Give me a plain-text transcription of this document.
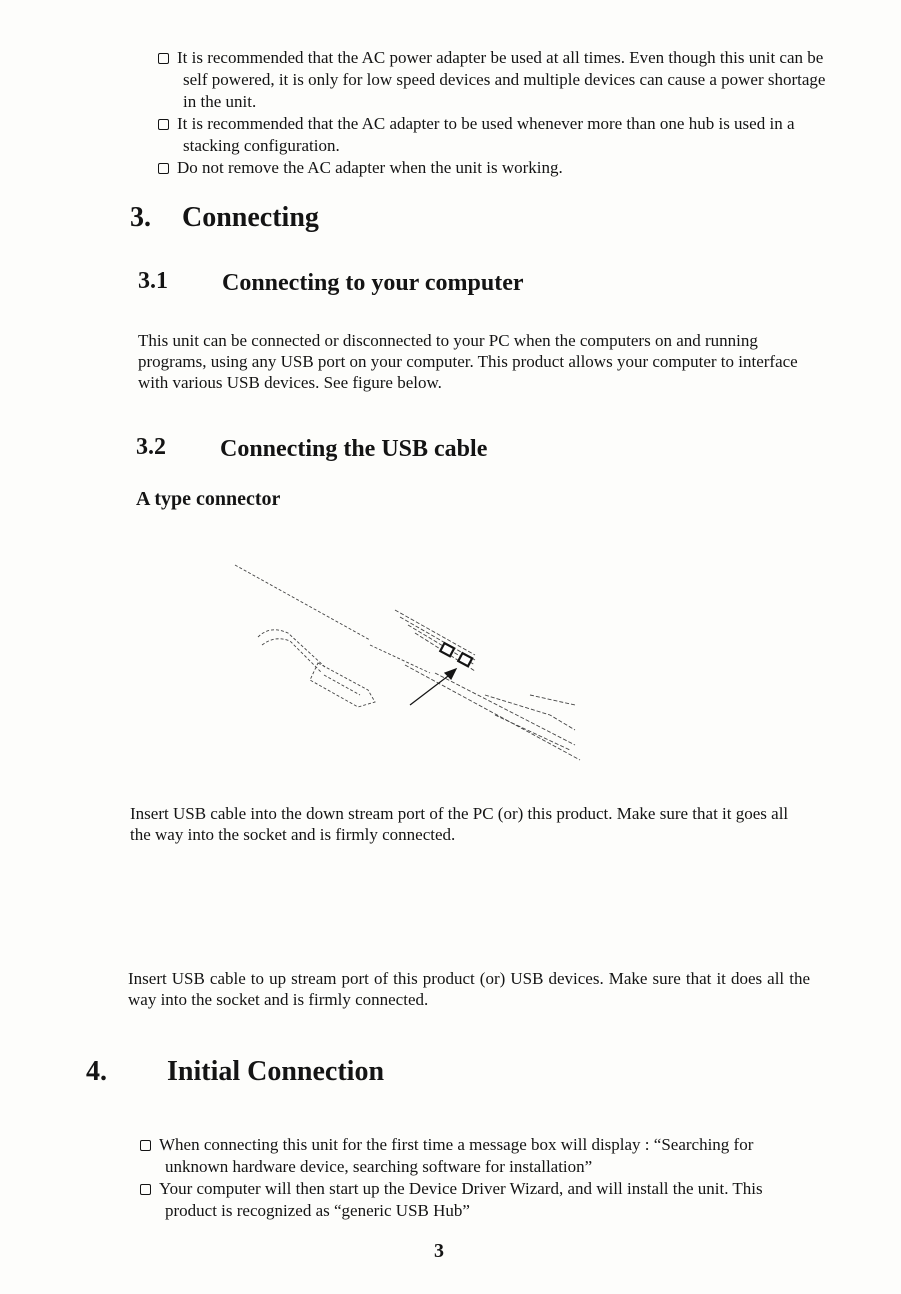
It is recommended that the AC power adapter be used at all times. Even though this unit can be self powered, it is only for low speed devices and multiple devices can cause a power shortage in the unit.
It is recommended that the AC adapter to be used whenever more than one hub is used in a stacking configuration.
Do not remove the AC adapter when the unit is working.
3. Connecting
3.1 Connecting to your computer
This unit can be connected or disconnected to your PC when the computers on and running programs, using any USB port on your computer. This product allows your computer to interface with various USB devices. See figure below.
3.2 Connecting the USB cable
A type connector
Insert USB cable into the down stream port of the PC (or) this product. Make sure that it goes all the way into the socket and is firmly connected.
Insert USB cable to up stream port of this product (or) USB devices. Make sure that it does all the way into the socket and is firmly connected.
4. Initial Connection
When connecting this unit for the first time a message box will display : “Searching for unknown hardware device, searching software for installation”
Your computer will then start up the Device Driver Wizard, and will install the unit. This product is recognized as “generic USB Hub”
3
